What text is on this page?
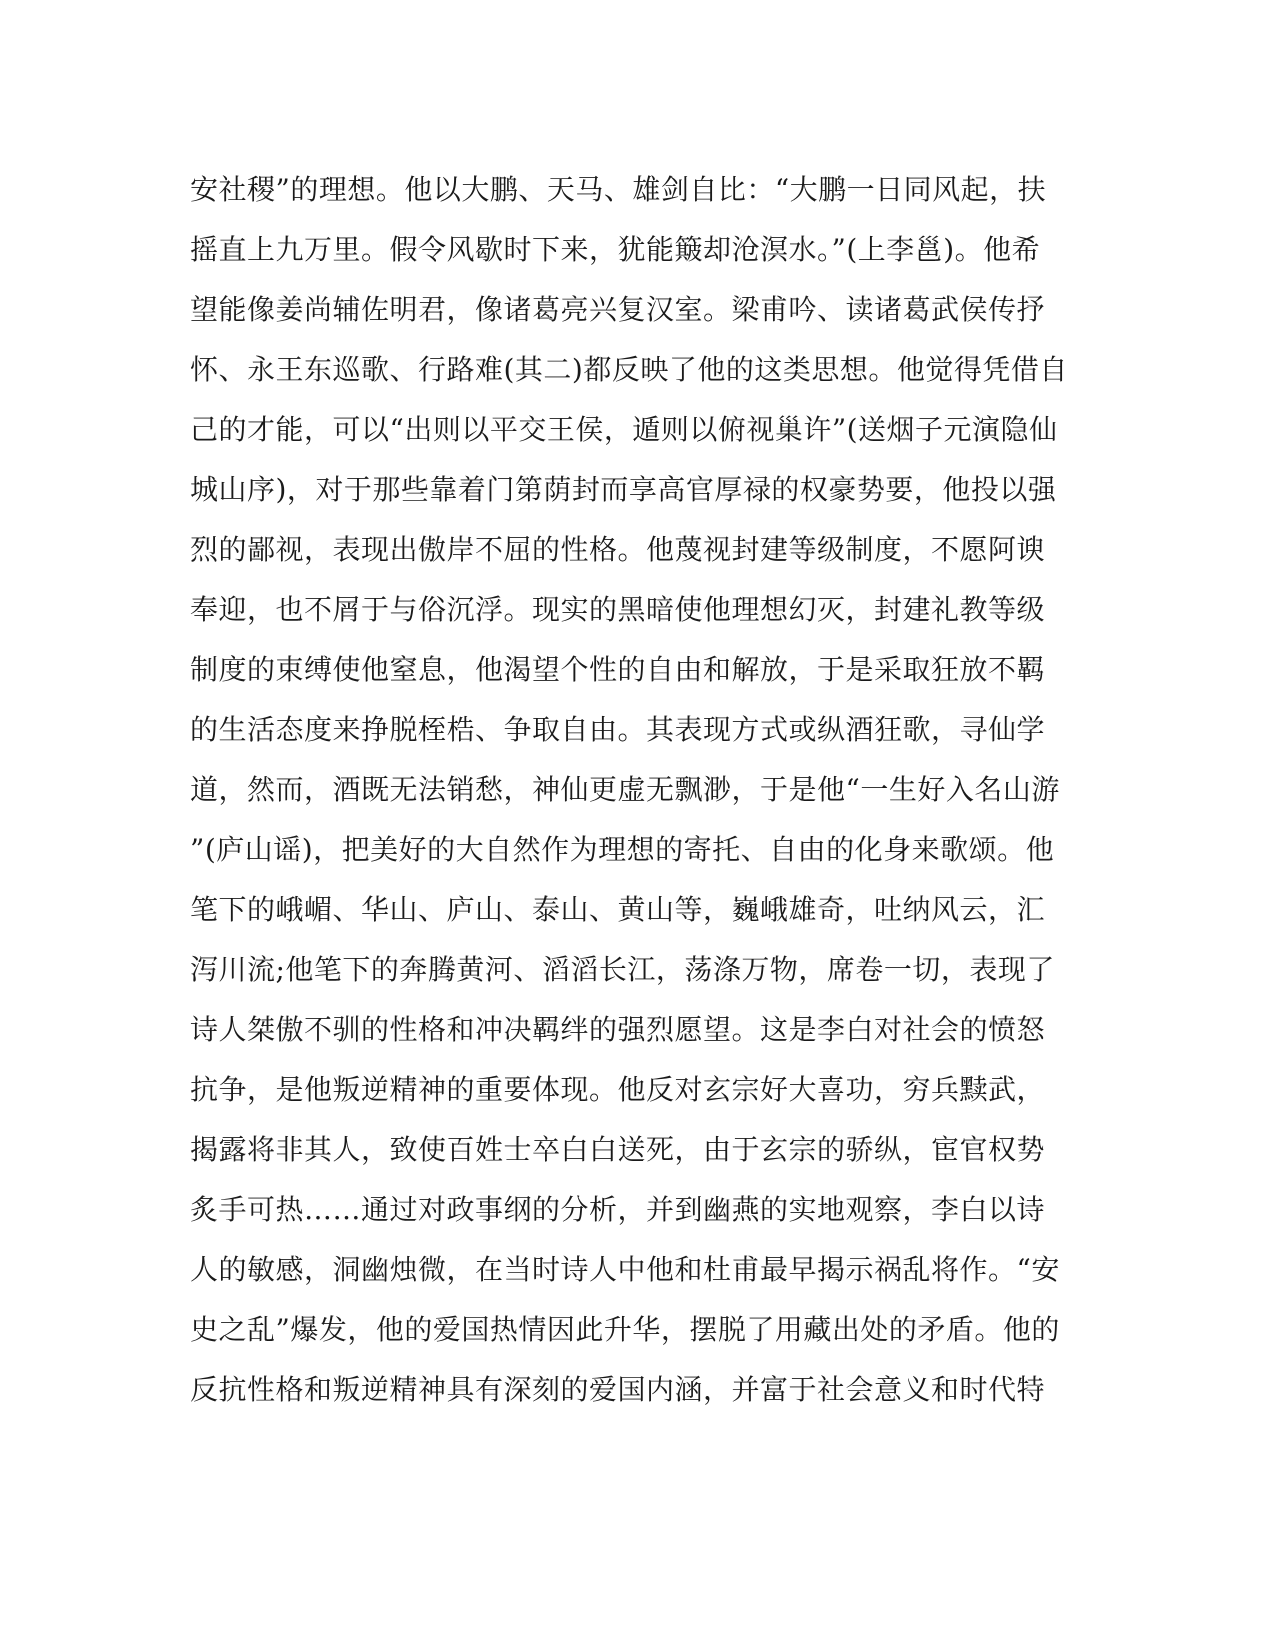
安社稷”的理想。他以大鹏、天马、雄剑自比：“大鹏一日同风起，扶
摇直上九万里。假令风歇时下来，犹能簸却沧溟水。”(上李邕)。他希
望能像姜尚辅佐明君，像诸葛亮兴复汉室。梁甫吟、读诸葛武侯传抒
怀、永王东巡歌、行路难(其二)都反映了他的这类思想。他觉得凭借自
己的才能，可以“出则以平交王侯，遁则以俯视巢许”(送烟子元演隐仙
城山序)，对于那些靠着门第荫封而享高官厚禄的权豪势要，他投以强
烈的鄙视，表现出傲岸不屈的性格。他蔑视封建等级制度，不愿阿谀
奉迎，也不屑于与俗沉浮。现实的黑暗使他理想幻灭，封建礼教等级
制度的束缚使他窒息，他渴望个性的自由和解放，于是采取狂放不羁
的生活态度来挣脱桎梏、争取自由。其表现方式或纵酒狂歌，寻仙学
道，然而，酒既无法销愁，神仙更虚无飘渺，于是他“一生好入名山游
”(庐山谣)，把美好的大自然作为理想的寄托、自由的化身来歌颂。他
笔下的峨嵋、华山、庐山、泰山、黄山等，巍峨雄奇，吐纳风云，汇
泻川流;他笔下的奔腾黄河、滔滔长江，荡涤万物，席卷一切，表现了
诗人桀傲不驯的性格和冲决羁绊的强烈愿望。这是李白对社会的愤怒
抗争，是他叛逆精神的重要体现。他反对玄宗好大喜功，穷兵黩武，
揭露将非其人，致使百姓士卒白白送死，由于玄宗的骄纵，宦官权势
炙手可热……通过对政事纲的分析，并到幽燕的实地观察，李白以诗
人的敏感，洞幽烛微，在当时诗人中他和杜甫最早揭示祸乱将作。“安
史之乱”爆发，他的爱国热情因此升华，摆脱了用藏出处的矛盾。他的
反抗性格和叛逆精神具有深刻的爱国内涵，并富于社会意义和时代特
